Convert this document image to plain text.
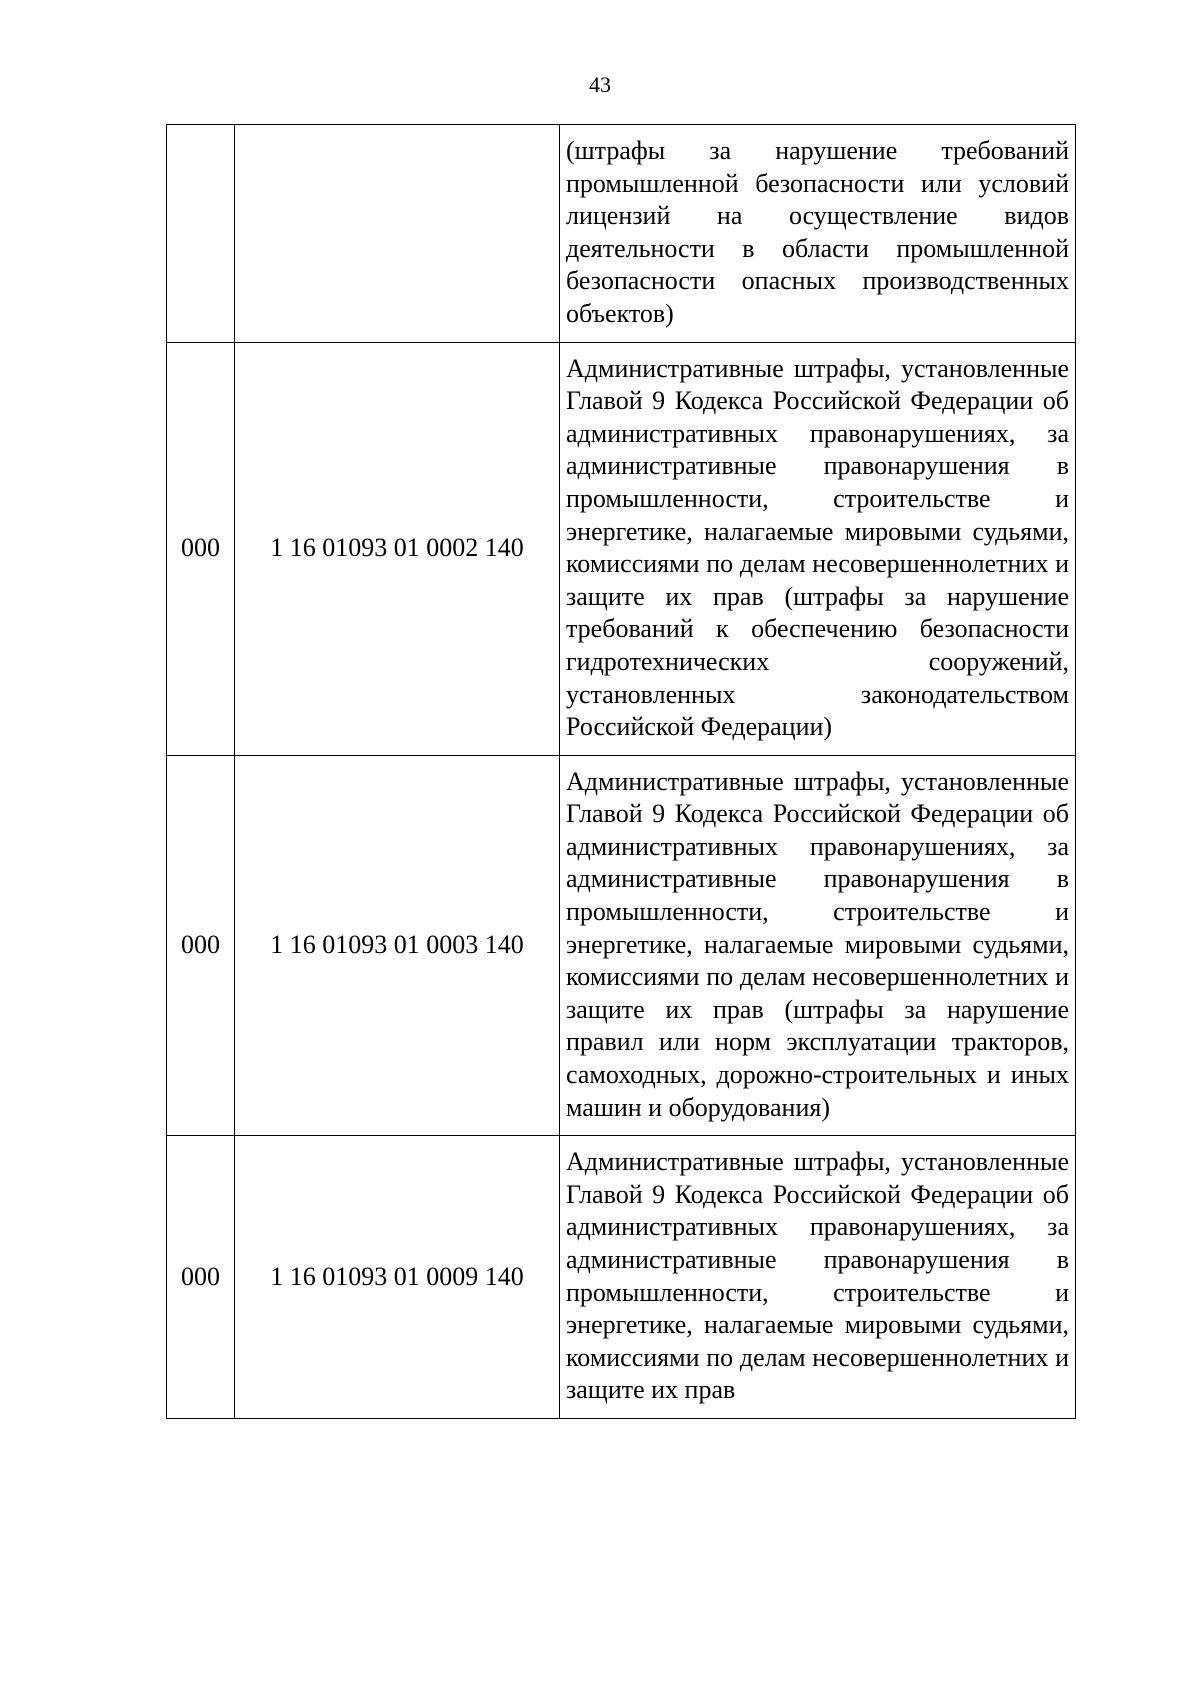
43
		(штрафы за нарушение требований промышленной безопасности или условий лицензий на осуществление видов деятельности в области промышленной безопасности опасных производственных объектов)
000	1 16 01093 01 0002 140	Административные штрафы, установленные Главой 9 Кодекса Российской Федерации об административных правонарушениях, за административные правонарушения в промышленности, строительстве и энергетике, налагаемые мировыми судьями, комиссиями по делам несовершеннолетних и защите их прав (штрафы за нарушение требований к обеспечению безопасности гидротехнических сооружений, установленных законодательством Российской Федерации)
000	1 16 01093 01 0003 140	Административные штрафы, установленные Главой 9 Кодекса Российской Федерации об административных правонарушениях, за административные правонарушения в промышленности, строительстве и энергетике, налагаемые мировыми судьями, комиссиями по делам несовершеннолетних и защите их прав (штрафы за нарушение правил или норм эксплуатации тракторов, самоходных, дорожно-строительных и иных машин и оборудования)
000	1 16 01093 01 0009 140	Административные штрафы, установленные Главой 9 Кодекса Российской Федерации об административных правонарушениях, за административные правонарушения в промышленности, строительстве и энергетике, налагаемые мировыми судьями, комиссиями по делам несовершеннолетних и защите их прав
